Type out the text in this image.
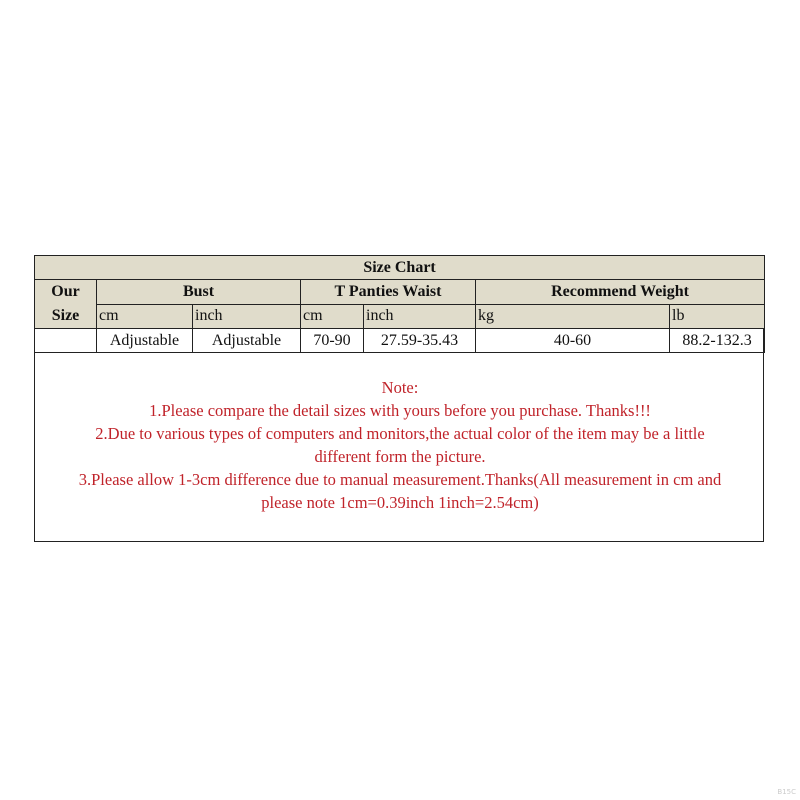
Size Chart						
Our
Size	Bust		T Panties Waist		Recommend Weight	
	cm	inch	cm	inch	kg	lb
	Adjustable	Adjustable	70-90	27.59-35.43	40-60	88.2-132.3
Note:
1.Please compare the detail sizes with yours before you purchase. Thanks!!!
2.Due to various types of computers and monitors,the actual color of the item may be a little
different form the picture.
3.Please allow 1-3cm difference due to manual measurement.Thanks(All measurement in cm and
please note 1cm=0.39inch 1inch=2.54cm)
B15C
